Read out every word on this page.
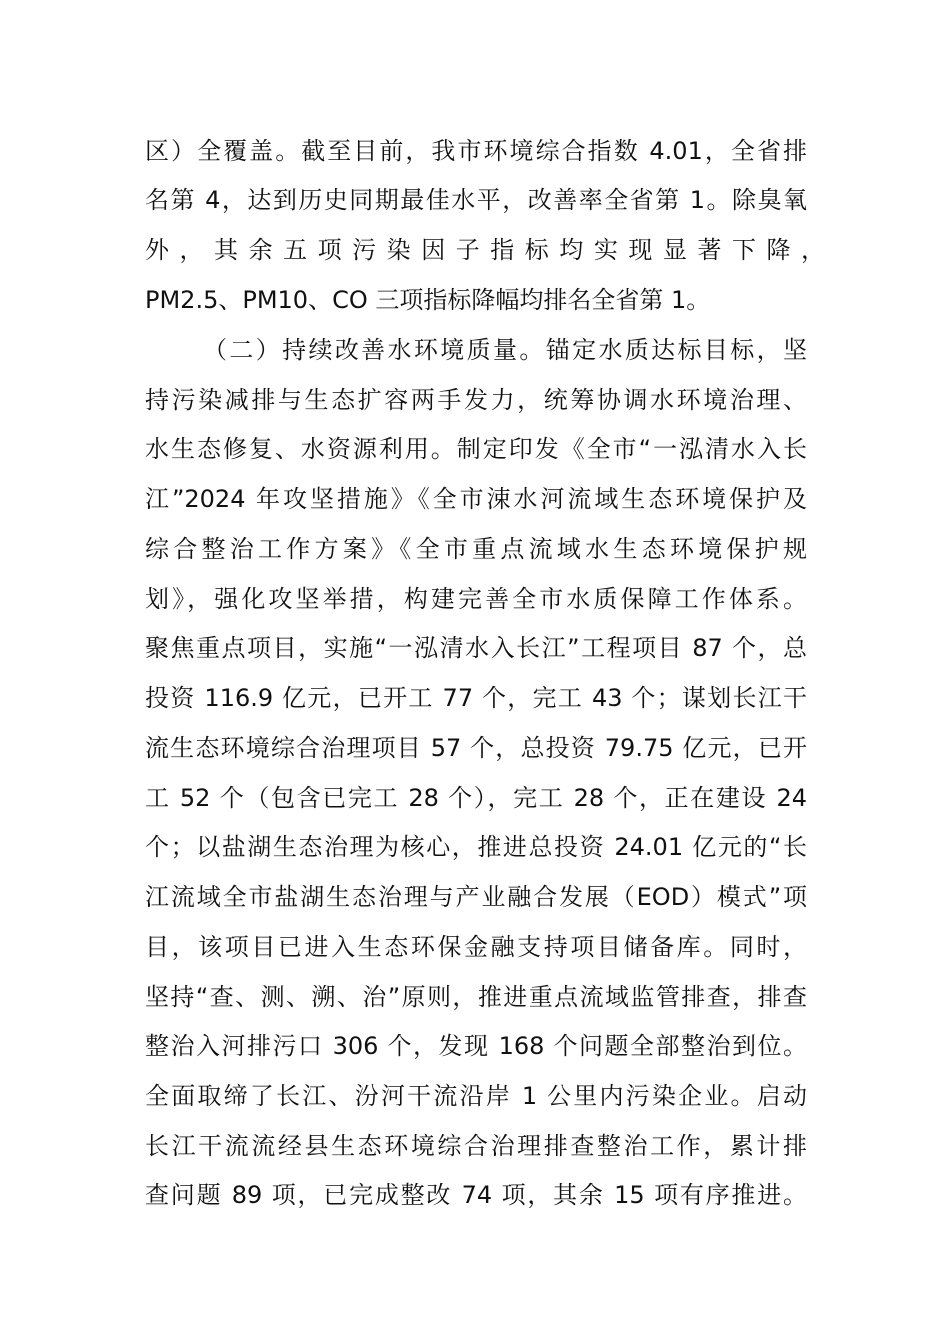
区）全覆盖。截至目前，我市环境综合指数 4.01，全省排
名第 4，达到历史同期最佳水平，改善率全省第 1。除臭氧
外 ， 其 余 五 项 污 染 因 子 指 标 均 实 现 显 著 下 降 ，
PM2.5、PM10、CO 三项指标降幅均排名全省第 1。
（二）持续改善水环境质量。锚定水质达标目标，坚
持污染减排与生态扩容两手发力，统筹协调水环境治理、
水生态修复、水资源利用。制定印发《全市“一泓清水入长
江”2024 年攻坚措施》《全市涑水河流域生态环境保护及
综合整治工作方案》《全市重点流域水生态环境保护规
划》，强化攻坚举措，构建完善全市水质保障工作体系。
聚焦重点项目，实施“一泓清水入长江”工程项目 87 个，总
投资 116.9 亿元，已开工 77 个，完工 43 个；谋划长江干
流生态环境综合治理项目 57 个，总投资 79.75 亿元，已开
工 52 个（包含已完工 28 个），完工 28 个，正在建设 24
个；以盐湖生态治理为核心，推进总投资 24.01 亿元的“长
江流域全市盐湖生态治理与产业融合发展（EOD）模式”项
目，该项目已进入生态环保金融支持项目储备库。同时，
坚持“查、测、溯、治”原则，推进重点流域监管排查，排查
整治入河排污口 306 个，发现 168 个问题全部整治到位。
全面取缔了长江、汾河干流沿岸 1 公里内污染企业。启动
长江干流流经县生态环境综合治理排查整治工作，累计排
查问题 89 项，已完成整改 74 项，其余 15 项有序推进。
